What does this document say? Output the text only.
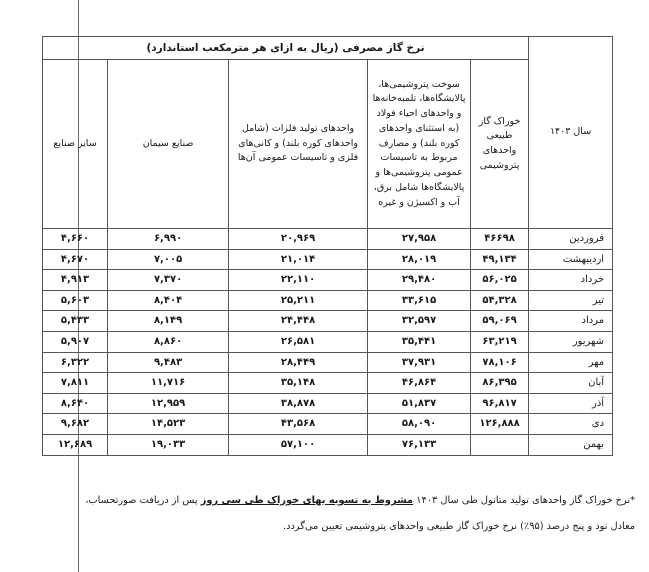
سال ۱۴۰۳	نرخ گاز مصرفی (ریال به ازای هر مترمکعب استاندارد)				
	خوراک گاز طبیعی واحدهای پتروشیمی	سوخت پتروشیمی‌ها، پالایشگاه‌ها، تلمبه‌خانه‌ها و واحدهای احیاء فولاد (به استثنای واحدهای کوره بلند) و مصارف مربوط به تاسیسات عمومی پتروشیمی‌ها و پالایشگاه‌ها شامل برق، آب و اکسیژن و غیره	واحدهای تولید فلزات (شامل واحدهای کوره بلند) و کانی‌های فلزی و تاسیسات عمومی آن‌ها	صنایع سیمان	سایر صنایع
فروردین	۴۶۶۹۸	۲۷,۹۵۸	۲۰,۹۶۹	۶,۹۹۰	۴,۶۶۰
اردیبهشت	۴۹,۱۳۴	۲۸,۰۱۹	۲۱,۰۱۴	۷,۰۰۵	۴,۶۷۰
خرداد	۵۶,۰۲۵	۲۹,۴۸۰	۲۲,۱۱۰	۷,۳۷۰	۴,۹۱۳
تیر	۵۴,۳۲۸	۳۳,۶۱۵	۲۵,۲۱۱	۸,۴۰۴	۵,۶۰۳
مرداد	۵۹,۰۶۹	۳۲,۵۹۷	۲۴,۴۴۸	۸,۱۴۹	۵,۴۳۳
شهریور	۶۳,۲۱۹	۳۵,۴۴۱	۲۶,۵۸۱	۸,۸۶۰	۵,۹۰۷
مهر	۷۸,۱۰۶	۳۷,۹۳۱	۲۸,۴۴۹	۹,۴۸۳	۶,۳۲۲
آبان	۸۶,۳۹۵	۴۶,۸۶۴	۳۵,۱۴۸	۱۱,۷۱۶	۷,۸۱۱
آذر	۹۶,۸۱۷	۵۱,۸۳۷	۳۸,۸۷۸	۱۲,۹۵۹	۸,۶۴۰
دی	۱۲۶,۸۸۸	۵۸,۰۹۰	۴۳,۵۶۸	۱۴,۵۲۳	۹,۶۸۲
بهمن		۷۶,۱۳۳	۵۷,۱۰۰	۱۹,۰۳۳	۱۲,۶۸۹
*نرخ خوراک گاز واحدهای تولید متانول طی سال ۱۴۰۳ مشروط به تسویه بهای خوراک طی سی روز پس از دریافت صورتحساب،
معادل نود و پنج درصد (۹۵٪) نرخ خوراک گاز طبیعی واحدهای پتروشیمی تعیین می‌گردد.
